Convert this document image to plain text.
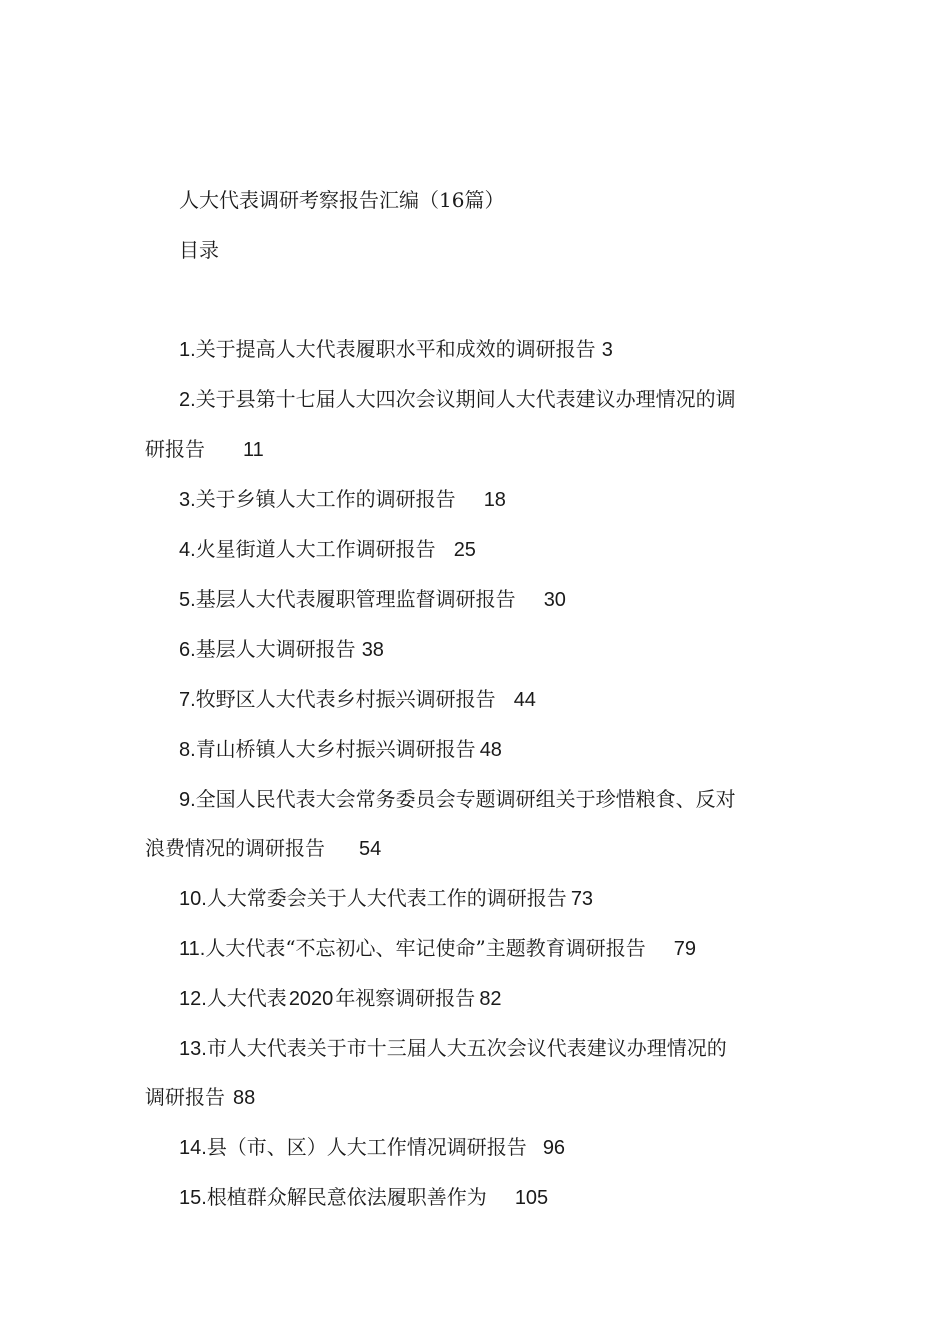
人大代表调研考察报告汇编（16篇）
目录
1.关于提高人大代表履职水平和成效的调研报告 3
2.关于县第十七届人大四次会议期间人大代表建议办理情况的调
研报告 11
3.关于乡镇人大工作的调研报告 18
4.火星街道人大工作调研报告 25
5.基层人大代表履职管理监督调研报告 30
6.基层人大调研报告 38
7.牧野区人大代表乡村振兴调研报告 44
8.青山桥镇人大乡村振兴调研报告 48
9.全国人民代表大会常务委员会专题调研组关于珍惜粮食、反对
浪费情况的调研报告 54
10.人大常委会关于人大代表工作的调研报告 73
11.人大代表“不忘初心、牢记使命”主题教育调研报告 79
12.人大代表 2020 年视察调研报告 82
13.市人大代表关于市十三届人大五次会议代表建议办理情况的
调研报告 88
14.县（市、区）人大工作情况调研报告 96
15.根植群众解民意依法履职善作为 105
